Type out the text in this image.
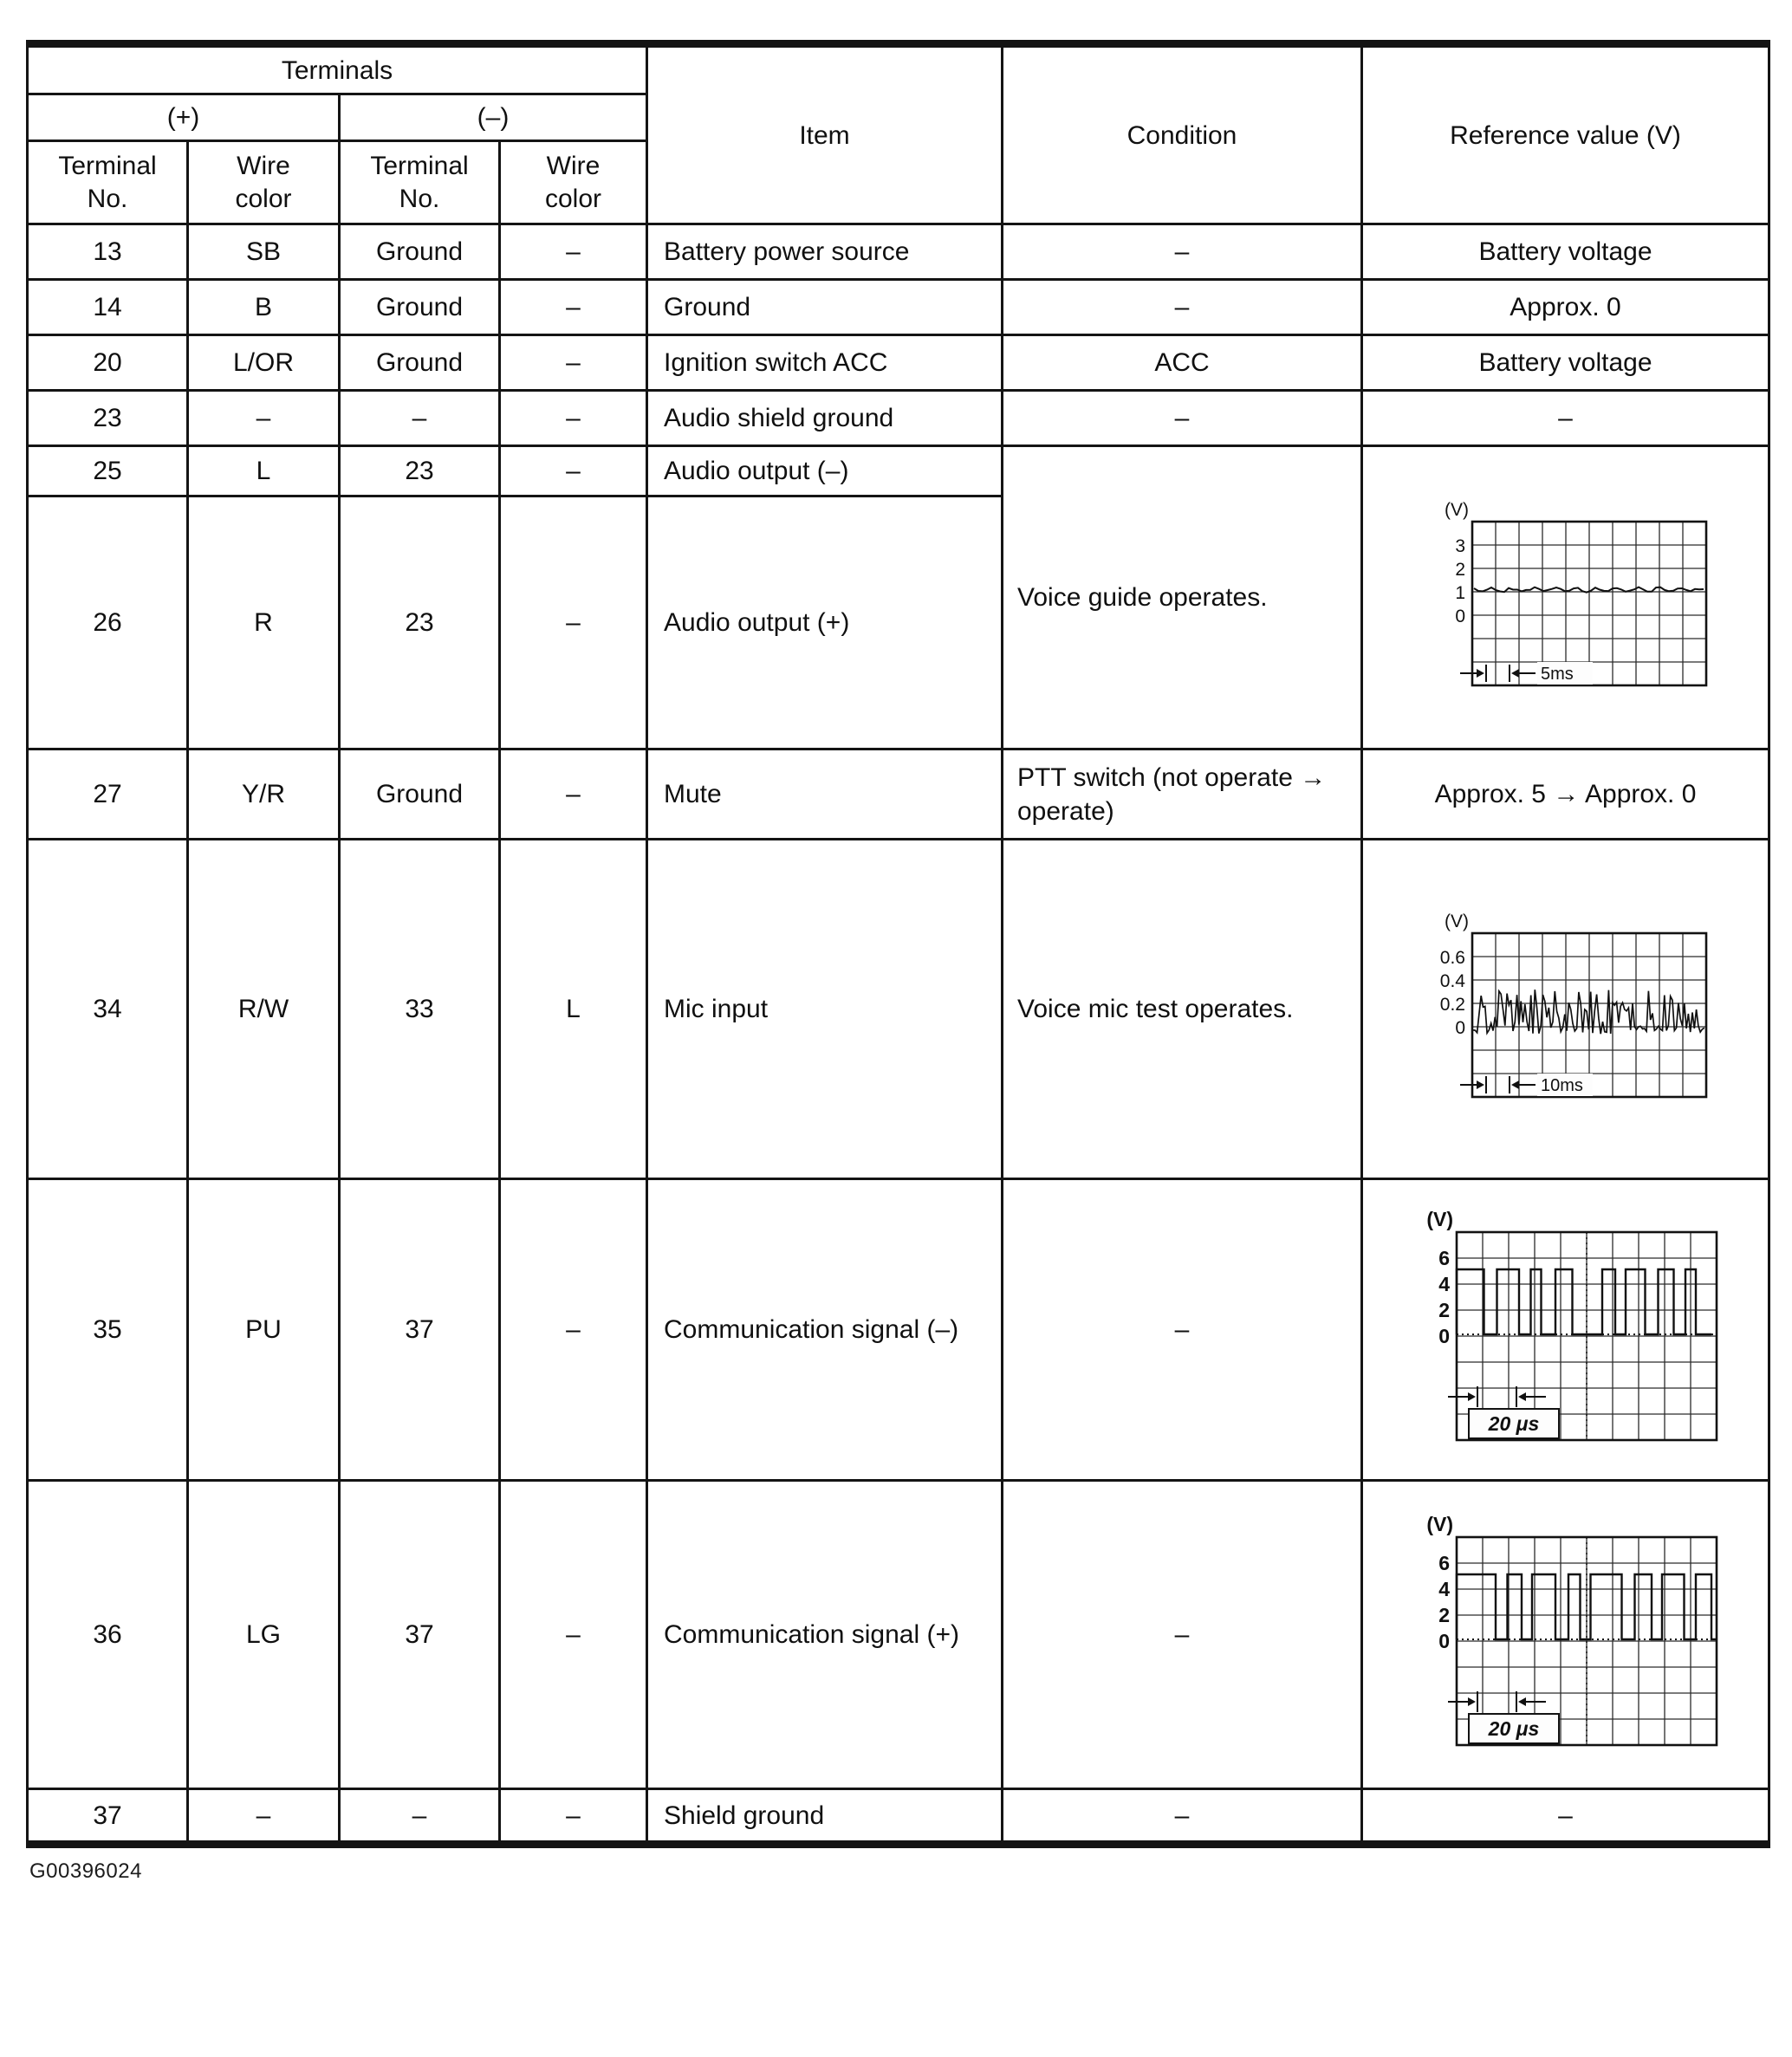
Terminals				Item	Condition	Reference value (V)
(+)		(–)				
Terminal No.	Wire color	Terminal No.	Wire color			
13	SB	Ground	–	Battery power source	–	Battery voltage
14	B	Ground	–	Ground	–	Approx. 0
20	L/OR	Ground	–	Ignition switch ACC	ACC	Battery voltage
23	–	–	–	Audio shield ground	–	–
25	L	23	–	Audio output (–)	Voice guide operates.	
(V)
3
2
1
0
5ms

26	R	23	–	Audio output (+)		
27	Y/R	Ground	–	Mute	PTT switch (not operate → operate)	Approx. 5 → Approx. 0
34	R/W	33	L	Mic input	Voice mic test operates.	
(V)
0.6
0.4
0.2
0
10ms

35	PU	37	–	Communication signal (–)	–	
(V)
6
4
2
0
20 μs

36	LG	37	–	Communication signal (+)	–	
(V)
6
4
2
0
20 μs

37	–	–	–	Shield ground	–	–
G00396024
